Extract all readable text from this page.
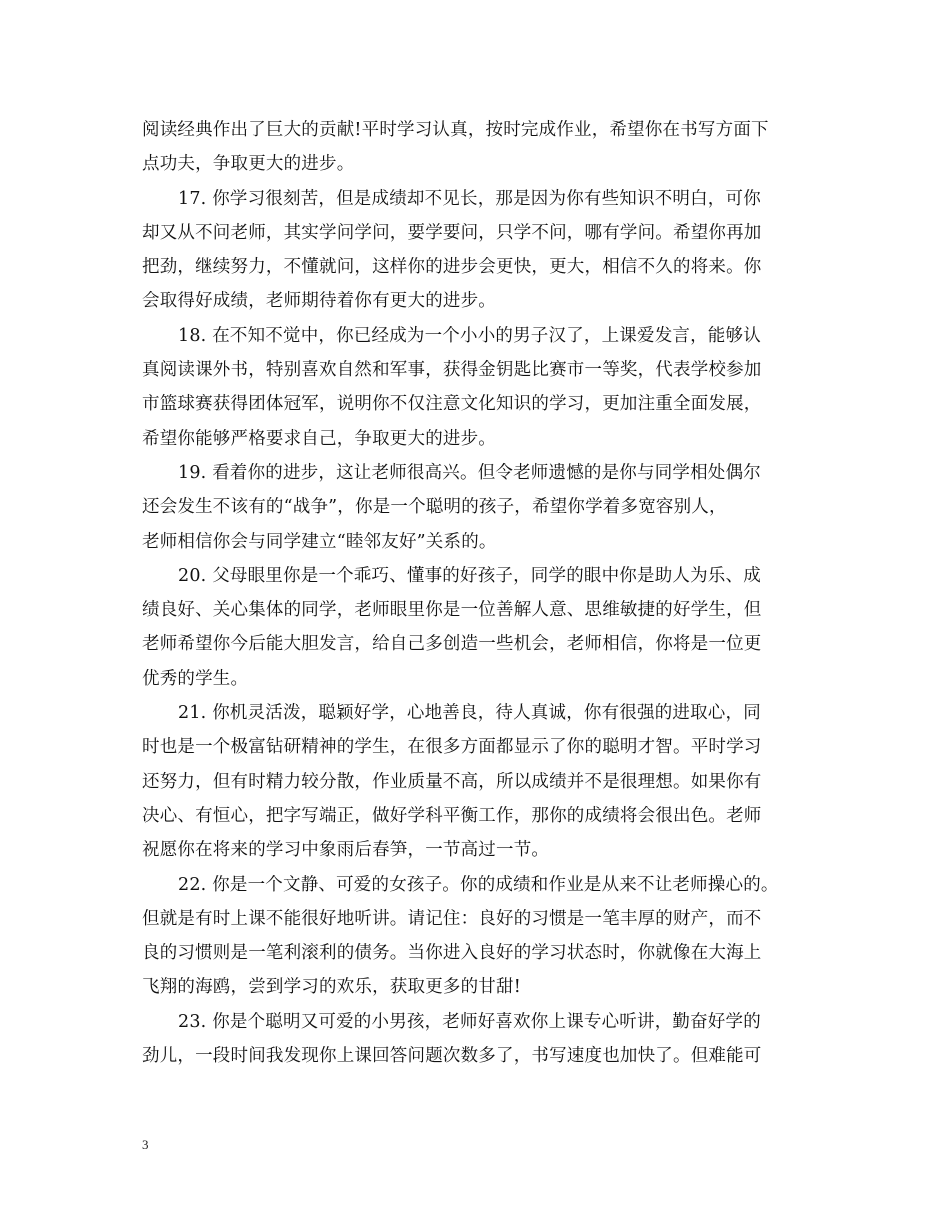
阅读经典作出了巨大的贡献!平时学习认真，按时完成作业，希望你在书写方面下
点功夫，争取更大的进步。
17. 你学习很刻苦，但是成绩却不见长，那是因为你有些知识不明白，可你
却又从不问老师，其实学问学问，要学要问，只学不问，哪有学问。希望你再加
把劲，继续努力，不懂就问，这样你的进步会更快，更大，相信不久的将来。你
会取得好成绩，老师期待着你有更大的进步。
18. 在不知不觉中，你已经成为一个小小的男子汉了，上课爱发言，能够认
真阅读课外书，特别喜欢自然和军事，获得金钥匙比赛市一等奖，代表学校参加
市篮球赛获得团体冠军，说明你不仅注意文化知识的学习，更加注重全面发展，
希望你能够严格要求自己，争取更大的进步。
19. 看着你的进步，这让老师很高兴。但令老师遗憾的是你与同学相处偶尔
还会发生不该有的“战争”，你是一个聪明的孩子，希望你学着多宽容别人，
老师相信你会与同学建立“睦邻友好”关系的。
20. 父母眼里你是一个乖巧、懂事的好孩子，同学的眼中你是助人为乐、成
绩良好、关心集体的同学，老师眼里你是一位善解人意、思维敏捷的好学生，但
老师希望你今后能大胆发言，给自己多创造一些机会，老师相信，你将是一位更
优秀的学生。
21. 你机灵活泼，聪颖好学，心地善良，待人真诚，你有很强的进取心，同
时也是一个极富钻研精神的学生，在很多方面都显示了你的聪明才智。平时学习
还努力，但有时精力较分散，作业质量不高，所以成绩并不是很理想。如果你有
决心、有恒心，把字写端正，做好学科平衡工作，那你的成绩将会很出色。老师
祝愿你在将来的学习中象雨后春笋，一节高过一节。
22. 你是一个文静、可爱的女孩子。你的成绩和作业是从来不让老师操心的。
但就是有时上课不能很好地听讲。请记住：良好的习惯是一笔丰厚的财产，而不
良的习惯则是一笔利滚利的债务。当你进入良好的学习状态时，你就像在大海上
飞翔的海鸥，尝到学习的欢乐，获取更多的甘甜!
23. 你是个聪明又可爱的小男孩，老师好喜欢你上课专心听讲，勤奋好学的
劲儿，一段时间我发现你上课回答问题次数多了，书写速度也加快了。但难能可
3
